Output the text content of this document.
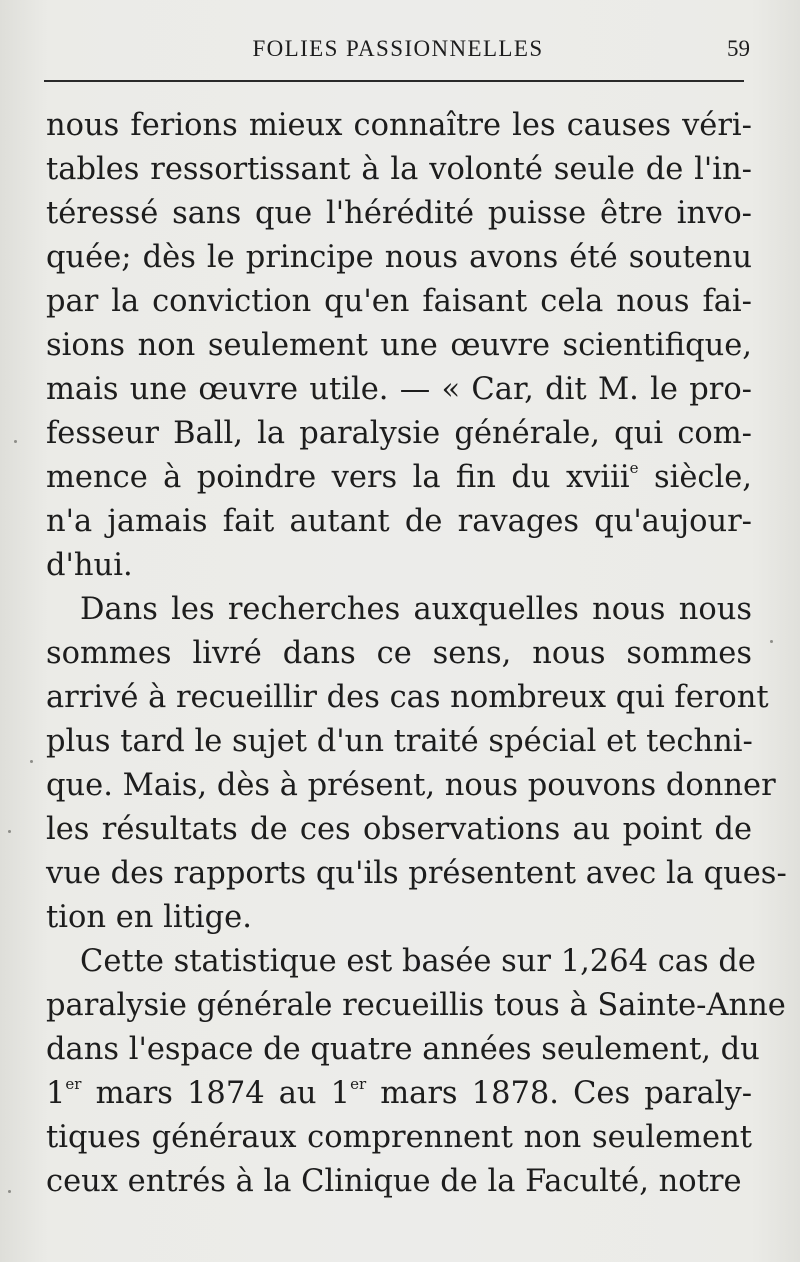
FOLIES PASSIONNELLES	59
nous ferions mieux connaître les causes véri-
tables ressortissant à la volonté seule de l'in-
téressé sans que l'hérédité puisse être invo-
quée; dès le principe nous avons été soutenu
par la conviction qu'en faisant cela nous fai-
sions non seulement une œuvre scientifique,
mais une œuvre utile. — « Car, dit M. le pro-
fesseur Ball, la paralysie générale, qui com-
mence à poindre vers la fin du xviii$^e$ siècle,
n'a jamais fait autant de ravages qu'aujour-
d'hui.
Dans les recherches auxquelles nous nous
sommes livré dans ce sens, nous sommes
arrivé à recueillir des cas nombreux qui feront
plus tard le sujet d'un traité spécial et techni-
que. Mais, dès à présent, nous pouvons donner
les résultats de ces observations au point de
vue des rapports qu'ils présentent avec la ques-
tion en litige.
Cette statistique est basée sur 1,264 cas de
paralysie générale recueillis tous à Sainte-Anne
dans l'espace de quatre années seulement, du
1er mars 1874 au 1er mars 1878. Ces paraly-
tiques généraux comprennent non seulement
ceux entrés à la Clinique de la Faculté, notre
